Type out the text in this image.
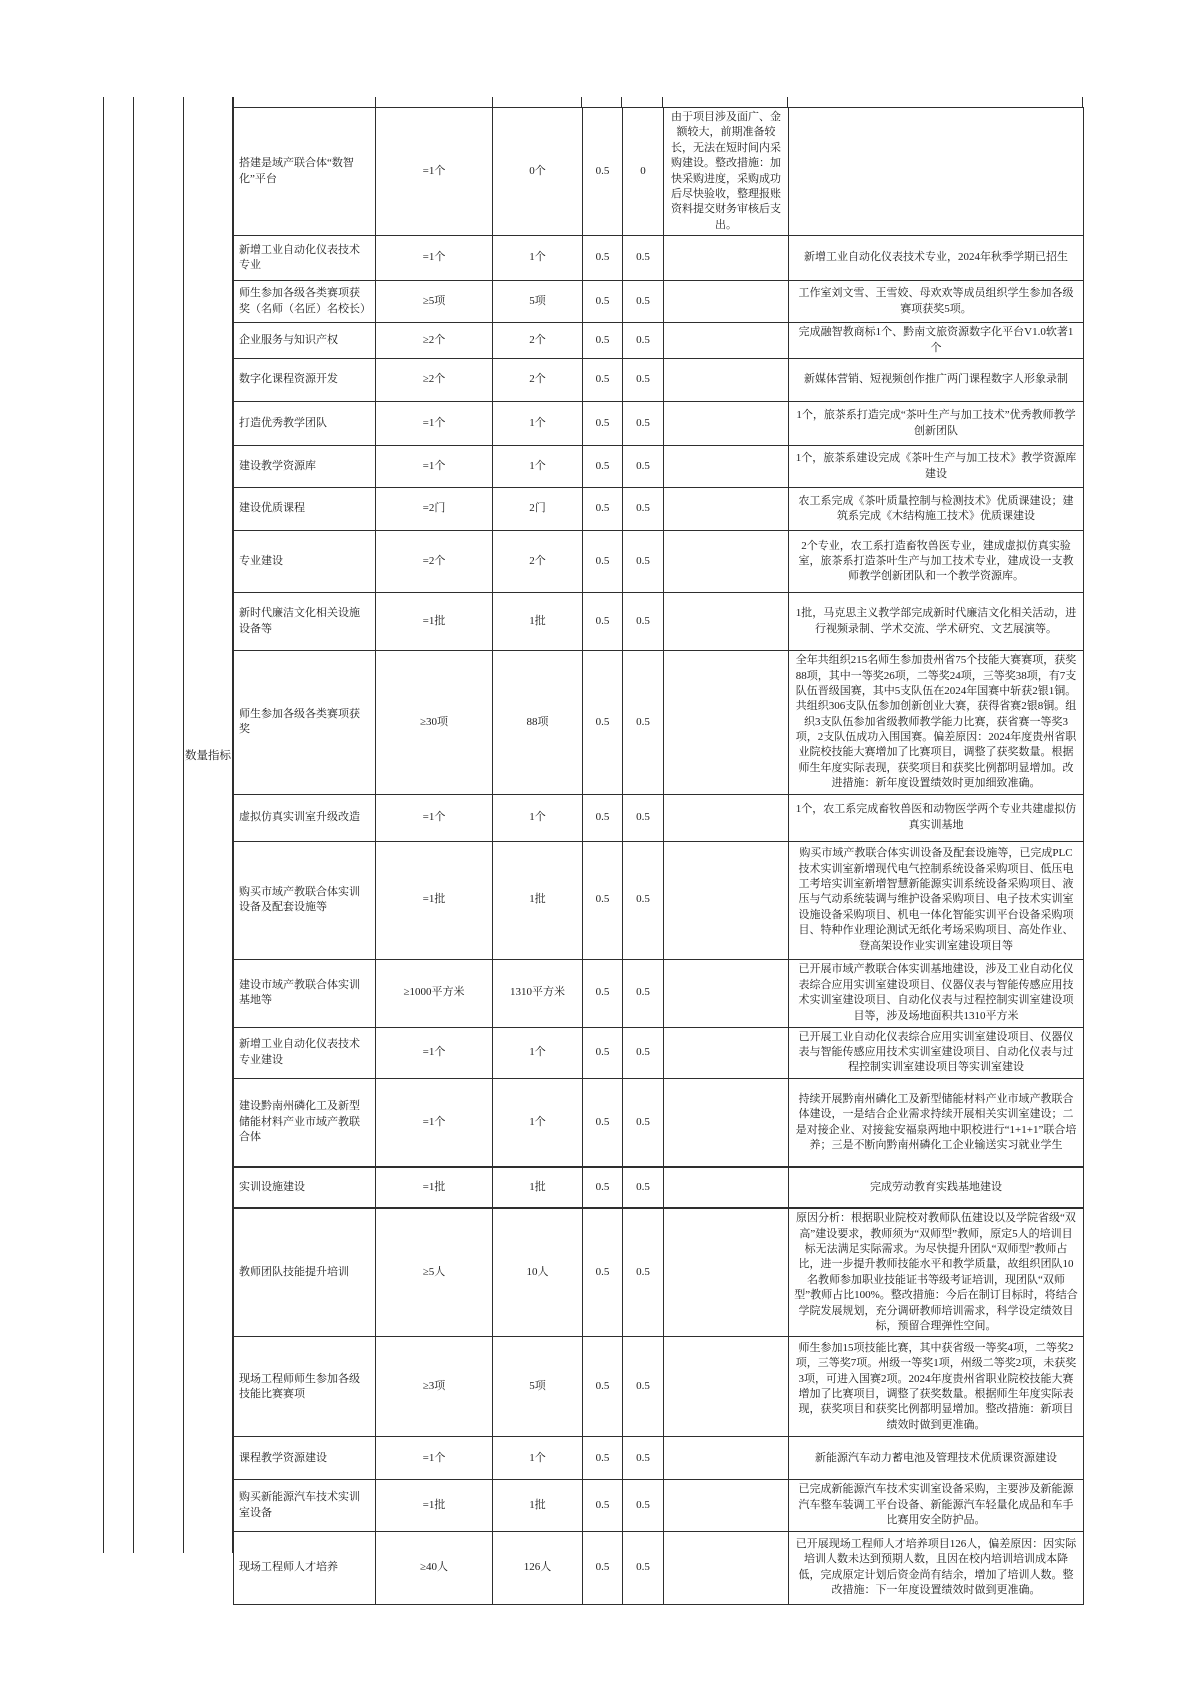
数量指标
搭建是域产联合体“数智化”平台	=1个	0个	0.5	0	由于项目涉及面广、金额较大，前期准备较长，无法在短时间内采购建设。整改措施：加快采购进度，采购成功后尽快验收，整理报账资料提交财务审核后支出。	
新增工业自动化仪表技术专业	=1个	1个	0.5	0.5		新增工业自动化仪表技术专业，2024年秋季学期已招生
师生参加各级各类赛项获奖（名师（名匠）名校长）	≥5项	5项	0.5	0.5		工作室刘文雪、王雪姣、母欢欢等成员组织学生参加各级赛项获奖5项。
企业服务与知识产权	≥2个	2个	0.5	0.5		完成融智教商标1个、黔南文旅资源数字化平台V1.0软著1个
数字化课程资源开发	≥2个	2个	0.5	0.5		新媒体营销、短视频创作推广两门课程数字人形象录制
打造优秀教学团队	=1个	1个	0.5	0.5		1个，旅茶系打造完成“茶叶生产与加工技术”优秀教师教学创新团队
建设教学资源库	=1个	1个	0.5	0.5		1个，旅茶系建设完成《茶叶生产与加工技术》教学资源库建设
建设优质课程	=2门	2门	0.5	0.5		农工系完成《茶叶质量控制与检测技术》优质课建设；建筑系完成《木结构施工技术》优质课建设
专业建设	=2个	2个	0.5	0.5		2个专业，农工系打造畜牧兽医专业，建成虚拟仿真实验室，旅茶系打造茶叶生产与加工技术专业，建成设一支教师教学创新团队和一个教学资源库。
新时代廉洁文化相关设施设备等	=1批	1批	0.5	0.5		1批，马克思主义教学部完成新时代廉洁文化相关活动，进行视频录制、学术交流、学术研究、文艺展演等。
师生参加各级各类赛项获奖	≥30项	88项	0.5	0.5		全年共组织215名师生参加贵州省75个技能大赛赛项，获奖88项，其中一等奖26项，二等奖24项，三等奖38项，有7支队伍晋级国赛，其中5支队伍在2024年国赛中斩获2银1铜。共组织306支队伍参加创新创业大赛，获得省赛2银8铜。组织3支队伍参加省级教师教学能力比赛，获省赛一等奖3项，2支队伍成功入围国赛。偏差原因：2024年度贵州省职业院校技能大赛增加了比赛项目，调整了获奖数量。根据师生年度实际表现，获奖项目和获奖比例都明显增加。改进措施：新年度设置绩效时更加细致准确。
虚拟仿真实训室升级改造	=1个	1个	0.5	0.5		1个，农工系完成畜牧兽医和动物医学两个专业共建虚拟仿真实训基地
购买市域产教联合体实训设备及配套设施等	=1批	1批	0.5	0.5		购买市域产教联合体实训设备及配套设施等，已完成PLC技术实训室新增现代电气控制系统设备采购项目、低压电工考培实训室新增智慧新能源实训系统设备采购项目、液压与气动系统装调与维护设备采购项目、电子技术实训室设施设备采购项目、机电一体化智能实训平台设备采购项目、特种作业理论测试无纸化考场采购项目、高处作业、登高架设作业实训室建设项目等
建设市域产教联合体实训基地等	≥1000平方米	1310平方米	0.5	0.5		已开展市域产教联合体实训基地建设，涉及工业自动化仪表综合应用实训室建设项目、仪器仪表与智能传感应用技术实训室建设项目、自动化仪表与过程控制实训室建设项目等，涉及场地面积共1310平方米
新增工业自动化仪表技术专业建设	=1个	1个	0.5	0.5		已开展工业自动化仪表综合应用实训室建设项目、仪器仪表与智能传感应用技术实训室建设项目、自动化仪表与过程控制实训室建设项目等实训室建设
建设黔南州磷化工及新型储能材料产业市域产教联合体	=1个	1个	0.5	0.5		持续开展黔南州磷化工及新型储能材料产业市域产教联合体建设，一是结合企业需求持续开展相关实训室建设；二是对接企业、对接瓮安福泉两地中职校进行“1+1+1”联合培养；三是不断向黔南州磷化工企业输送实习就业学生
实训设施建设	=1批	1批	0.5	0.5		完成劳动教育实践基地建设
教师团队技能提升培训	≥5人	10人	0.5	0.5		原因分析：根据职业院校对教师队伍建设以及学院省级“双高”建设要求，教师须为“双师型”教师，原定5人的培训目标无法满足实际需求。为尽快提升团队“双师型”教师占比，进一步提升教师技能水平和教学质量，故组织团队10名教师参加职业技能证书等级考证培训，现团队“双师型”教师占比100%。整改措施：今后在制订目标时，将结合学院发展规划，充分调研教师培训需求，科学设定绩效目标，预留合理弹性空间。
现场工程师师生参加各级技能比赛赛项	≥3项	5项	0.5	0.5		师生参加15项技能比赛，其中获省级一等奖4项，二等奖2项，三等奖7项。州级一等奖1项，州级二等奖2项，未获奖3项，可进入国赛2项。2024年度贵州省职业院校技能大赛增加了比赛项目，调整了获奖数量。根据师生年度实际表现，获奖项目和获奖比例都明显增加。整改措施：新项目绩效时做到更准确。
课程教学资源建设	=1个	1个	0.5	0.5		新能源汽车动力蓄电池及管理技术优质课资源建设
购买新能源汽车技术实训室设备	=1批	1批	0.5	0.5		已完成新能源汽车技术实训室设备采购，主要涉及新能源汽车整车装调工平台设备、新能源汽车轻量化成品和车手比赛用安全防护品。
现场工程师人才培养	≥40人	126人	0.5	0.5		已开展现场工程师人才培养项目126人，偏差原因：因实际培训人数未达到预期人数，且因在校内培训培训成本降低，完成原定计划后资金尚有结余，增加了培训人数。整改措施：下一年度设置绩效时做到更准确。
